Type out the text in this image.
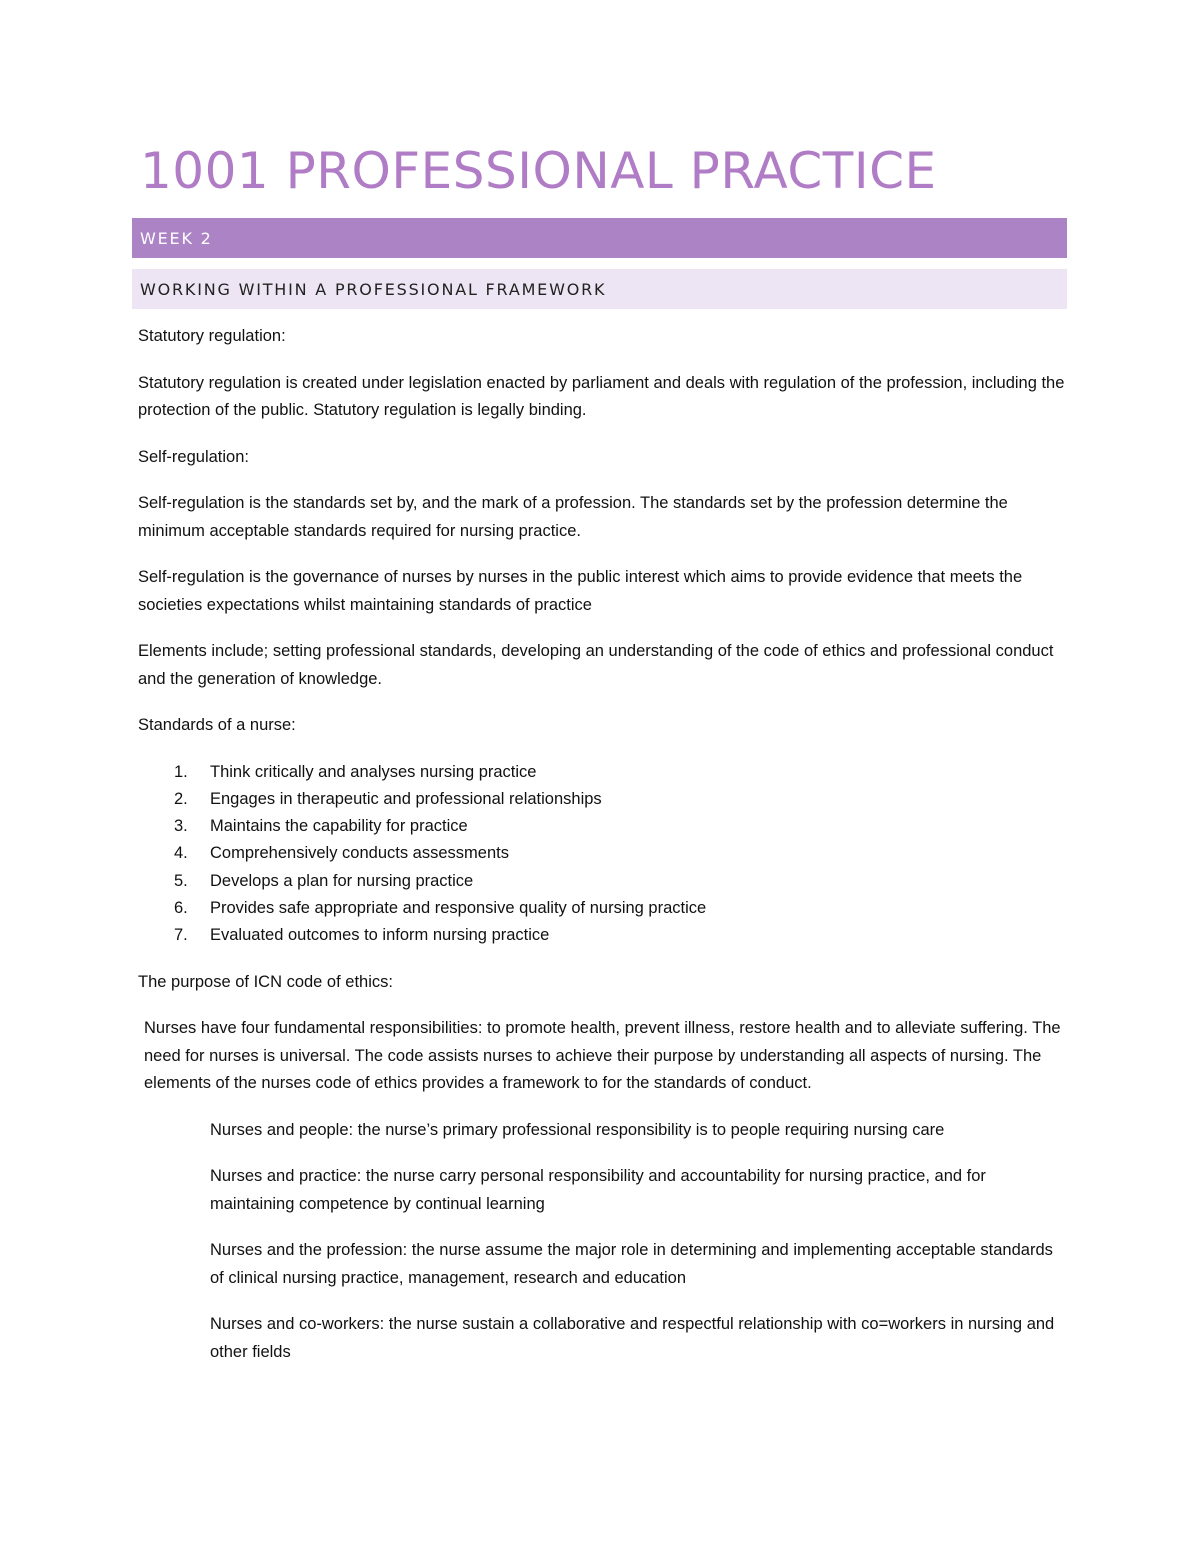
1001 PROFESSIONAL PRACTICE
WEEK 2
WORKING WITHIN A PROFESSIONAL FRAMEWORK

Statutory regulation:

Statutory regulation is created under legislation enacted by parliament and deals with regulation of the profession, including the protection of the public. Statutory regulation is legally binding.

Self-regulation:

Self-regulation is the standards set by, and the mark of a profession. The standards set by the profession determine the minimum acceptable standards required for nursing practice.

Self-regulation is the governance of nurses by nurses in the public interest which aims to provide evidence that meets the societies expectations whilst maintaining standards of practice

Elements include; setting professional standards, developing an understanding of the code of ethics and professional conduct and the generation of knowledge.

Standards of a nurse:

1.	Think critically and analyses nursing practice
2.	Engages in therapeutic and professional relationships
3.	Maintains the capability for practice
4.	Comprehensively conducts assessments
5.	Develops a plan for nursing practice
6.	Provides safe appropriate and responsive quality of nursing practice
7.	Evaluated outcomes to inform nursing practice

The purpose of ICN code of ethics:

Nurses have four fundamental responsibilities: to promote health, prevent illness, restore health and to alleviate suffering. The need for nurses is universal. The code assists nurses to achieve their purpose by understanding all aspects of nursing. The elements of the nurses code of ethics provides a framework to for the standards of conduct.

Nurses and people: the nurse’s primary professional responsibility is to people requiring nursing care

Nurses and practice: the nurse carry personal responsibility and accountability for nursing practice, and for maintaining competence by continual learning

Nurses and the profession: the nurse assume the major role in determining and implementing acceptable standards of clinical nursing practice, management, research and education

Nurses and co-workers: the nurse sustain a collaborative and respectful relationship with co=workers in nursing and other fields
